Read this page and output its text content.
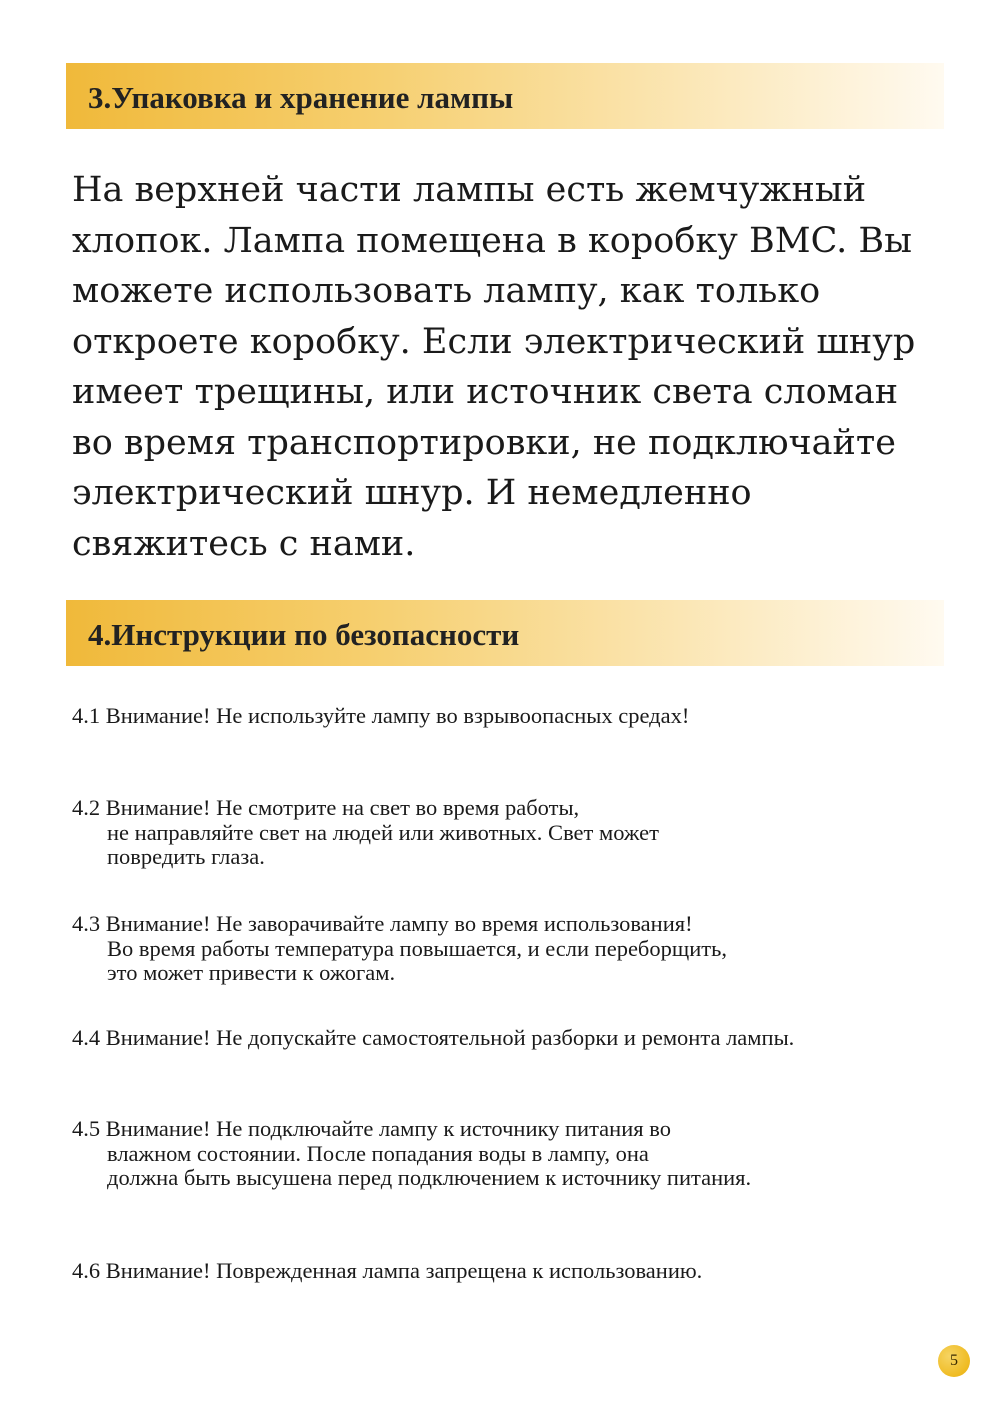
3.Упаковка и хранение лампы

На верхней части лампы есть жемчужный хлопок. Лампа помещена в коробку BMC. Вы можете использовать лампу, как только откроете коробку. Если электрический шнур имеет трещины, или источник света сломан во время транспортировки, не подключайте электрический шнур. И немедленно свяжитесь с нами.

4.Инструкции по безопасности
4.1 Внимание! Не используйте лампу во взрывоопасных средах!
4.2 Внимание! Не смотрите на свет во время работы,
не направляйте свет на людей или животных. Свет может
повредить глаза.
4.3 Внимание! Не заворачивайте лампу во время использования!
Во время работы температура повышается, и если переборщить,
это может привести к ожогам.
4.4 Внимание! Не допускайте самостоятельной разборки и ремонта лампы.
4.5 Внимание! Не подключайте лампу к источнику питания во
влажном состоянии. После попадания воды в лампу, она
должна быть высушена перед подключением к источнику питания.
4.6 Внимание! Поврежденная лампа запрещена к использованию.
5
